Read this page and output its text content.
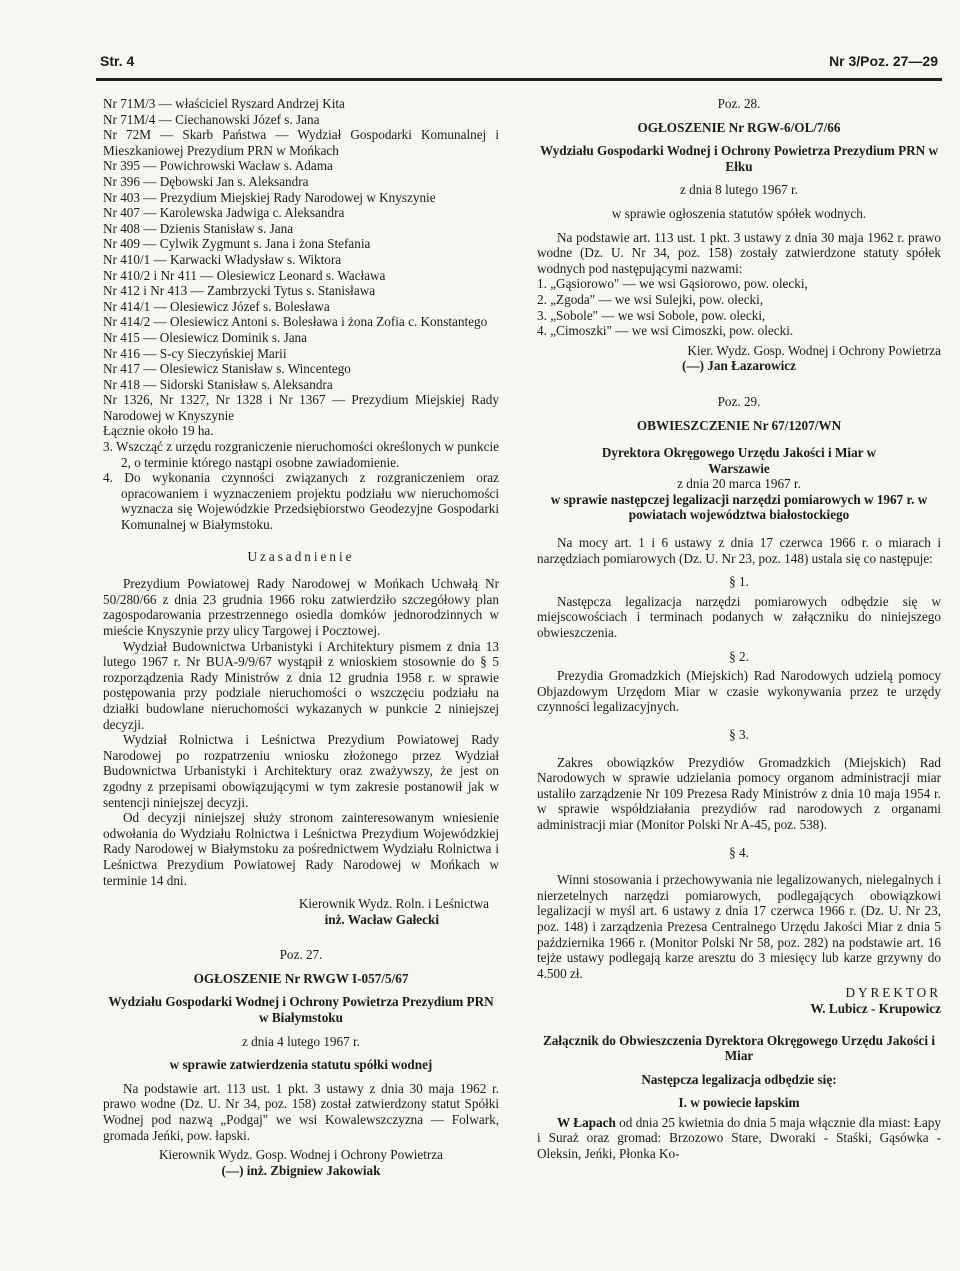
Str. 4	Nr 3/Poz. 27—29

Nr 71M/3 — właściciel Ryszard Andrzej Kita

Nr 71M/4 — Ciechanowski Józef s. Jana

Nr 72M — Skarb Państwa — Wydział Gospodarki Komunalnej i Mieszkaniowej Prezydium PRN w Mońkach

Nr 395 — Powichrowski Wacław s. Adama

Nr 396 — Dębowski Jan s. Aleksandra

Nr 403 — Prezydium Miejskiej Rady Narodowej w Knyszynie

Nr 407 — Karolewska Jadwiga c. Aleksandra

Nr 408 — Dzienis Stanisław s. Jana

Nr 409 — Cylwik Zygmunt s. Jana i żona Stefania

Nr 410/1 — Karwacki Władysław s. Wiktora

Nr 410/2 i Nr 411 — Olesiewicz Leonard s. Wacława

Nr 412 i Nr 413 — Zambrzycki Tytus s. Stanisława

Nr 414/1 — Olesiewicz Józef s. Bolesława

Nr 414/2 — Olesiewicz Antoni s. Bolesława i żona Zofia c. Konstantego

Nr 415 — Olesiewicz Dominik s. Jana

Nr 416 — S-cy Sieczyńskiej Marii

Nr 417 — Olesiewicz Stanisław s. Wincentego

Nr 418 — Sidorski Stanisław s. Aleksandra

Nr 1326, Nr 1327, Nr 1328 i Nr 1367 — Prezydium Miejskiej Rady Narodowej w Knyszynie

Łącznie około 19 ha.

3. Wszcząć z urzędu rozgraniczenie nieruchomości określonych w punkcie 2, o terminie którego nastąpi osobne zawiadomienie.

4. Do wykonania czynności związanych z rozgraniczeniem oraz opracowaniem i wyznaczeniem projektu podziału ww nieruchomości wyznacza się Wojewódzkie Przedsiębiorstwo Geodezyjne Gospodarki Komunalnej w Białymstoku.

Uzasadnienie

Prezydium Powiatowej Rady Narodowej w Mońkach Uchwałą Nr 50/280/66 z dnia 23 grudnia 1966 roku zatwierdziło szczegółowy plan zagospodarowania przestrzennego osiedla domków jednorodzinnych w mieście Knyszynie przy ulicy Targowej i Pocztowej.

Wydział Budownictwa Urbanistyki i Architektury pismem z dnia 13 lutego 1967 r. Nr BUA-9/9/67 wystąpił z wnioskiem stosownie do § 5 rozporządzenia Rady Ministrów z dnia 12 grudnia 1958 r. w sprawie postępowania przy podziale nieruchomości o wszczęciu podziału na działki budowlane nieruchomości wykazanych w punkcie 2 niniejszej decyzji.

Wydział Rolnictwa i Leśnictwa Prezydium Powiatowej Rady Narodowej po rozpatrzeniu wniosku złożonego przez Wydział Budownictwa Urbanistyki i Architektury oraz zważywszy, że jest on zgodny z przepisami obowiązującymi w tym zakresie postanowił jak w sentencji niniejszej decyzji.

Od decyzji niniejszej służy stronom zainteresowanym wniesienie odwołania do Wydziału Rolnictwa i Leśnictwa Prezydium Wojewódzkiej Rady Narodowej w Białymstoku za pośrednictwem Wydziału Rolnictwa i Leśnictwa Prezydium Powiatowej Rady Narodowej w Mońkach w terminie 14 dni.

Kierownik Wydz. Roln. i Leśnictwa

inż. Wacław Gałecki

Poz. 27.

OGŁOSZENIE Nr RWGW I-057/5/67

Wydziału Gospodarki Wodnej i Ochrony Powietrza Prezydium PRN w Białymstoku

z dnia 4 lutego 1967 r.

w sprawie zatwierdzenia statutu spółki wodnej

Na podstawie art. 113 ust. 1 pkt. 3 ustawy z dnia 30 maja 1962 r. prawo wodne (Dz. U. Nr 34, poz. 158) został zatwierdzony statut Spółki Wodnej pod nazwą „Podgaj" we wsi Kowalewszczyzna — Folwark, gromada Jeńki, pow. łapski.

Kierownik Wydz. Gosp. Wodnej i Ochrony Powietrza

(—) inż. Zbigniew Jakowiak

Poz. 28.

OGŁOSZENIE Nr RGW-6/OL/7/66

Wydziału Gospodarki Wodnej i Ochrony Powietrza Prezydium PRN w Ełku

z dnia 8 lutego 1967 r.

w sprawie ogłoszenia statutów spółek wodnych.

Na podstawie art. 113 ust. 1 pkt. 3 ustawy z dnia 30 maja 1962 r. prawo wodne (Dz. U. Nr 34, poz. 158) zostały zatwierdzone statuty spółek wodnych pod następującymi nazwami:

1. „Gąsiorowo" — we wsi Gąsiorowo, pow. olecki,

2. „Zgoda" — we wsi Sulejki, pow. olecki,

3. „Sobole" — we wsi Sobole, pow. olecki,

4. „Cimoszki" — we wsi Cimoszki, pow. olecki.

Kier. Wydz. Gosp. Wodnej i Ochrony Powietrza

(—) Jan Łazarowicz

Poz. 29.

OBWIESZCZENIE Nr 67/1207/WN

Dyrektora Okręgowego Urzędu Jakości i Miar w Warszawie

z dnia 20 marca 1967 r.

w sprawie następczej legalizacji narzędzi pomiarowych w 1967 r. w powiatach województwa białostockiego

Na mocy art. 1 i 6 ustawy z dnia 17 czerwca 1966 r. o miarach i narzędziach pomiarowych (Dz. U. Nr 23, poz. 148) ustala się co następuje:

§ 1.

Następcza legalizacja narzędzi pomiarowych odbędzie się w miejscowościach i terminach podanych w załączniku do niniejszego obwieszczenia.

§ 2.

Prezydia Gromadzkich (Miejskich) Rad Narodowych udzielą pomocy Objazdowym Urzędom Miar w czasie wykonywania przez te urzędy czynności legalizacyjnych.

§ 3.

Zakres obowiązków Prezydiów Gromadzkich (Miejskich) Rad Narodowych w sprawie udzielania pomocy organom administracji miar ustaliło zarządzenie Nr 109 Prezesa Rady Ministrów z dnia 10 maja 1954 r. w sprawie współdziałania prezydiów rad narodowych z organami administracji miar (Monitor Polski Nr A-45, poz. 538).

§ 4.

Winni stosowania i przechowywania nie legalizowanych, nielegalnych i nierzetelnych narzędzi pomiarowych, podlegających obowiązkowi legalizacji w myśl art. 6 ustawy z dnia 17 czerwca 1966 r. (Dz. U. Nr 23, poz. 148) i zarządzenia Prezesa Centralnego Urzędu Jakości Miar z dnia 5 października 1966 r. (Monitor Polski Nr 58, poz. 282) na podstawie art. 16 tejże ustawy podlegają karze aresztu do 3 miesięcy lub karze grzywny do 4.500 zł.

DYREKTOR

W. Lubicz - Krupowicz

Załącznik do Obwieszczenia Dyrektora Okręgowego Urzędu Jakości i Miar

Następcza legalizacja odbędzie się:

I. w powiecie łapskim

W Łapach od dnia 25 kwietnia do dnia 5 maja włącznie dla miast: Łapy i Suraż oraz gromad: Brzozowo Stare, Dworaki - Staśki, Gąsówka - Oleksin, Jeńki, Płonka Ko-
